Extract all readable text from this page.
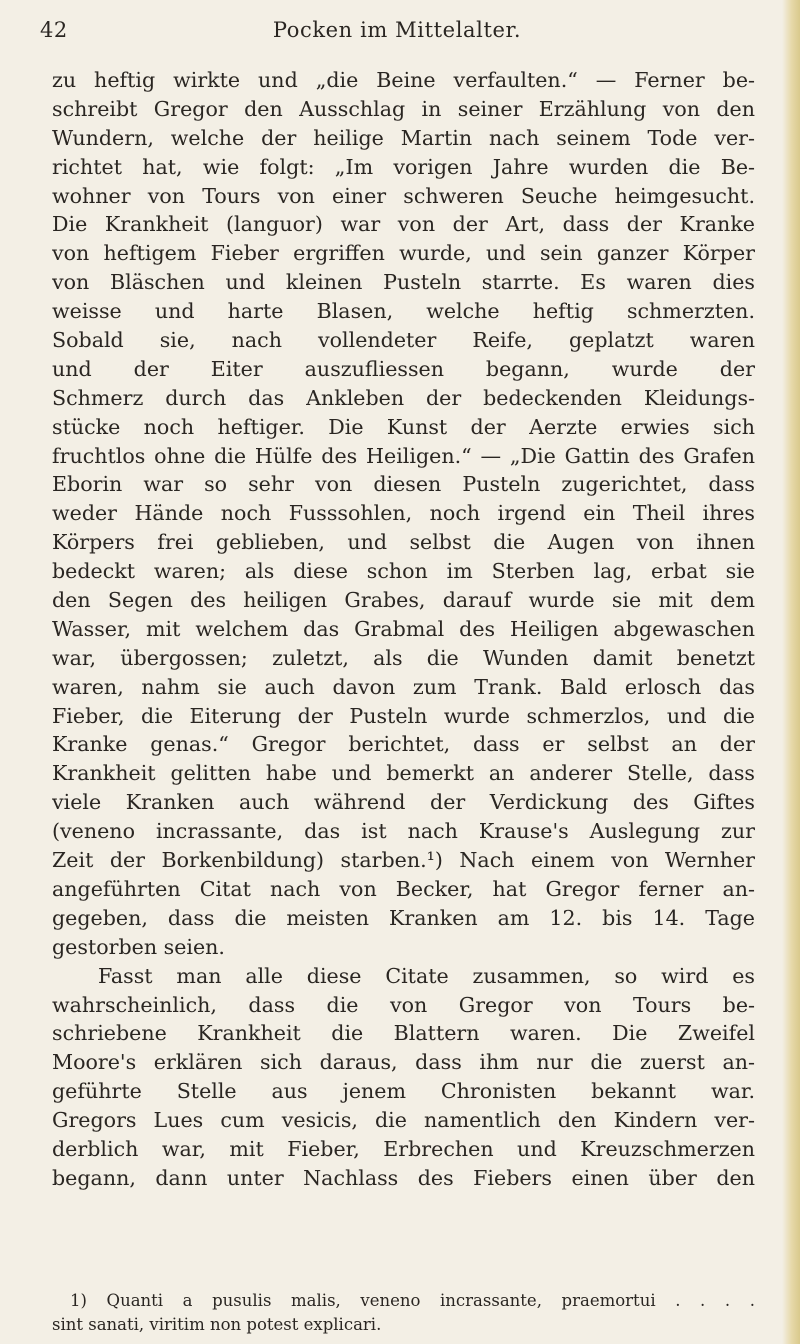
42	Pocken im Mittelalter.
zu heftig wirkte und „die Beine verfaulten.“ — Ferner be-
schreibt Gregor den Ausschlag in seiner Erzählung von den
Wundern, welche der heilige Martin nach seinem Tode ver-
richtet hat, wie folgt: „Im vorigen Jahre wurden die Be-
wohner von Tours von einer schweren Seuche heimgesucht.
Die Krankheit (languor) war von der Art, dass der Kranke
von heftigem Fieber ergriffen wurde, und sein ganzer Körper
von Bläschen und kleinen Pusteln starrte. Es waren dies
weisse und harte Blasen, welche heftig schmerzten.
Sobald sie, nach vollendeter Reife, geplatzt waren
und der Eiter auszufliessen begann, wurde der
Schmerz durch das Ankleben der bedeckenden Kleidungs-
stücke noch heftiger. Die Kunst der Aerzte erwies sich
fruchtlos ohne die Hülfe des Heiligen.“ — „Die Gattin des Grafen
Eborin war so sehr von diesen Pusteln zugerichtet, dass
weder Hände noch Fusssohlen, noch irgend ein Theil ihres
Körpers frei geblieben, und selbst die Augen von ihnen
bedeckt waren; als diese schon im Sterben lag, erbat sie
den Segen des heiligen Grabes, darauf wurde sie mit dem
Wasser, mit welchem das Grabmal des Heiligen abgewaschen
war, übergossen; zuletzt, als die Wunden damit benetzt
waren, nahm sie auch davon zum Trank. Bald erlosch das
Fieber, die Eiterung der Pusteln wurde schmerzlos, und die
Kranke genas.“ Gregor berichtet, dass er selbst an der
Krankheit gelitten habe und bemerkt an anderer Stelle, dass
viele Kranken auch während der Verdickung des Giftes
(veneno incrassante, das ist nach Krause's Auslegung zur
Zeit der Borkenbildung) starben.¹) Nach einem von Wernher
angeführten Citat nach von Becker, hat Gregor ferner an-
gegeben, dass die meisten Kranken am 12. bis 14. Tage
gestorben seien.
Fasst man alle diese Citate zusammen, so wird es
wahrscheinlich, dass die von Gregor von Tours be-
schriebene Krankheit die Blattern waren. Die Zweifel
Moore's erklären sich daraus, dass ihm nur die zuerst an-
geführte Stelle aus jenem Chronisten bekannt war.
Gregors Lues cum vesicis, die namentlich den Kindern ver-
derblich war, mit Fieber, Erbrechen und Kreuzschmerzen
begann, dann unter Nachlass des Fiebers einen über den
1) Quanti a pusulis malis, veneno incrassante, praemortui . . . .
sint sanati, viritim non potest explicari.
